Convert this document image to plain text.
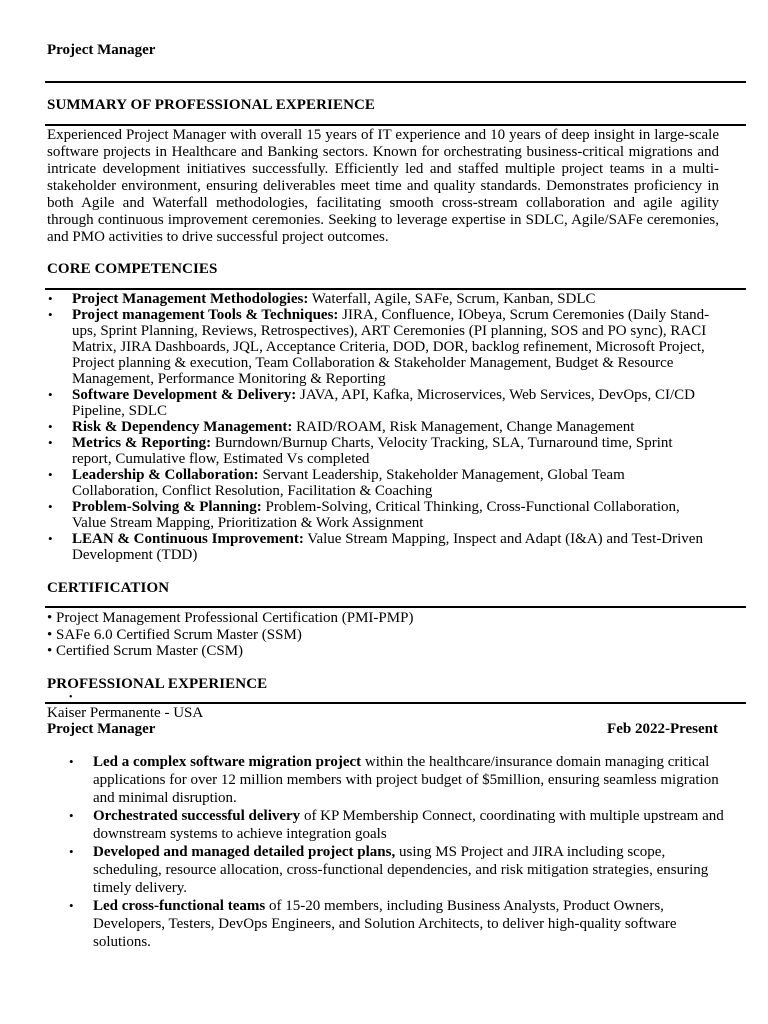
Project Manager
SUMMARY OF PROFESSIONAL EXPERIENCE

Experienced Project Manager with overall 15 years of IT experience and 10 years of deep insight in large-scale software projects in Healthcare and Banking sectors. Known for orchestrating business-critical migrations and intricate development initiatives successfully. Efficiently led and staffed multiple project teams in a multi-stakeholder environment, ensuring deliverables meet time and quality standards. Demonstrates proficiency in both Agile and Waterfall methodologies, facilitating smooth cross-stream collaboration and agile agility through continuous improvement ceremonies. Seeking to leverage expertise in SDLC, Agile/SAFe ceremonies, and PMO activities to drive successful project outcomes.

CORE COMPETENCIES
• Project Management Methodologies: Waterfall, Agile, SAFe, Scrum, Kanban, SDLC
• Project management Tools & Techniques: JIRA, Confluence, IObeya, Scrum Ceremonies (Daily Stand-ups, Sprint Planning, Reviews, Retrospectives), ART Ceremonies (PI planning, SOS and PO sync), RACI Matrix, JIRA Dashboards, JQL, Acceptance Criteria, DOD, DOR, backlog refinement, Microsoft Project, Project planning & execution, Team Collaboration & Stakeholder Management, Budget & Resource Management, Performance Monitoring & Reporting
• Software Development & Delivery: JAVA, API, Kafka, Microservices, Web Services, DevOps, CI/CD Pipeline, SDLC
• Risk & Dependency Management: RAID/ROAM, Risk Management, Change Management
• Metrics & Reporting: Burndown/Burnup Charts, Velocity Tracking, SLA, Turnaround time, Sprint report, Cumulative flow, Estimated Vs completed
• Leadership & Collaboration: Servant Leadership, Stakeholder Management, Global Team Collaboration, Conflict Resolution, Facilitation & Coaching
• Problem-Solving & Planning: Problem-Solving, Critical Thinking, Cross-Functional Collaboration, Value Stream Mapping, Prioritization & Work Assignment
• LEAN & Continuous Improvement: Value Stream Mapping, Inspect and Adapt (I&A) and Test-Driven Development (TDD)
CERTIFICATION
• Project Management Professional Certification (PMI-PMP)
• SAFe 6.0 Certified Scrum Master (SSM)
• Certified Scrum Master (CSM)
PROFESSIONAL EXPERIENCE
•
Kaiser Permanente - USA
Project Manager	Feb 2022-Present
• Led a complex software migration project within the healthcare/insurance domain managing critical applications for over 12 million members with project budget of $5million, ensuring seamless migration and minimal disruption.
• Orchestrated successful delivery of KP Membership Connect, coordinating with multiple upstream and downstream systems to achieve integration goals
• Developed and managed detailed project plans, using MS Project and JIRA including scope, scheduling, resource allocation, cross-functional dependencies, and risk mitigation strategies, ensuring timely delivery.
• Led cross-functional teams of 15-20 members, including Business Analysts, Product Owners, Developers, Testers, DevOps Engineers, and Solution Architects, to deliver high-quality software solutions.
